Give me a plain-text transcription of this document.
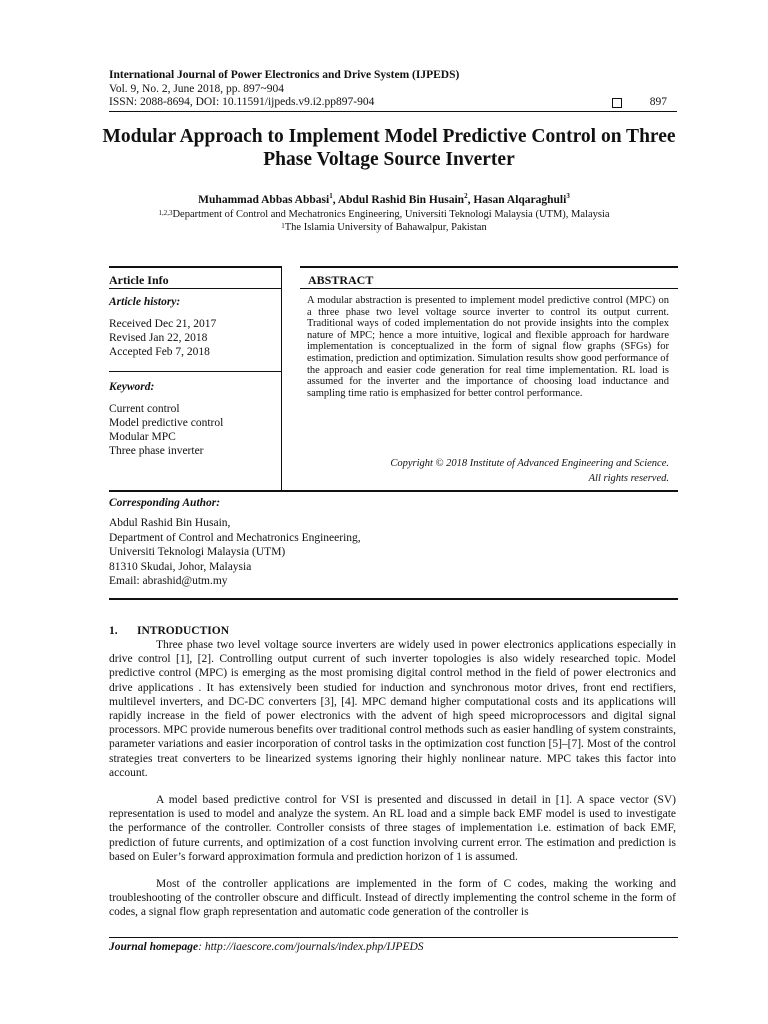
International Journal of Power Electronics and Drive System (IJPEDS)
Vol. 9, No. 2, June 2018, pp. 897~904
ISSN: 2088-8694, DOI: 10.11591/ijpeds.v9.i2.pp897-904	897
Modular Approach to Implement Model Predictive Control on Three Phase Voltage Source Inverter
Muhammad Abbas Abbasi$^1$, Abdul Rashid Bin Husain$^2$, Hasan Alqaraghuli$^3$
$^{1,2,3}$Department of Control and Mechatronics Engineering, Universiti Teknologi Malaysia (UTM), Malaysia
$^1$The Islamia University of Bahawalpur, Pakistan
Article Info	ABSTRACT
Article history:
Received Dec 21, 2017
Revised Jan 22, 2018
Accepted Feb 7, 2018
Keyword:
Current control
Model predictive control
Modular MPC
Three phase inverter
A modular abstraction is presented to implement model predictive control (MPC) on a three phase two level voltage source inverter to control its output current. Traditional ways of coded implementation do not provide insights into the complex nature of MPC; hence a more intuitive, logical and flexible approach for hardware implementation is conceptualized in the form of signal flow graphs (SFGs) for estimation, prediction and optimization. Simulation results show good performance of the approach and easier code generation for real time implementation. RL load is assumed for the inverter and the importance of choosing load inductance and sampling time ratio is emphasized for better control performance.
Copyright © 2018 Institute of Advanced Engineering and Science.
All rights reserved.
Corresponding Author:
Abdul Rashid Bin Husain,
Department of Control and Mechatronics Engineering,
Universiti Teknologi Malaysia (UTM)
81310 Skudai, Johor, Malaysia
Email: abrashid@utm.my
1. INTRODUCTION

Three phase two level voltage source inverters are widely used in power electronics applications especially in drive control [1], [2]. Controlling output current of such inverter topologies is also widely researched topic. Model predictive control (MPC) is emerging as the most promising digital control method in the field of power electronics and drive applications . It has extensively been studied for induction and synchronous motor drives, front end rectifiers, multilevel inverters, and DC-DC converters [3], [4]. MPC demand higher computational costs and its applications will rapidly increase in the field of power electronics with the advent of high speed microprocessors and digital signal processors. MPC provide numerous benefits over traditional control methods such as easier handling of system constraints, parameter variations and easier incorporation of control tasks in the optimization cost function [5]–[7]. Most of the control strategies treat converters to be linearized systems ignoring their highly nonlinear nature. MPC takes this factor into account.

A model based predictive control for VSI is presented and discussed in detail in [1]. A space vector (SV) representation is used to model and analyze the system. An RL load and a simple back EMF model is used to investigate the performance of the controller. Controller consists of three stages of implementation i.e. estimation of back EMF, prediction of future currents, and optimization of a cost function involving current error. The estimation and prediction is based on Euler’s forward approximation formula and prediction horizon of 1 is assumed.

Most of the controller applications are implemented in the form of C codes, making the working and troubleshooting of the controller obscure and difficult. Instead of directly implementing the control scheme in the form of codes, a signal flow graph representation and automatic code generation of the controller is

Journal homepage: http://iaescore.com/journals/index.php/IJPEDS
